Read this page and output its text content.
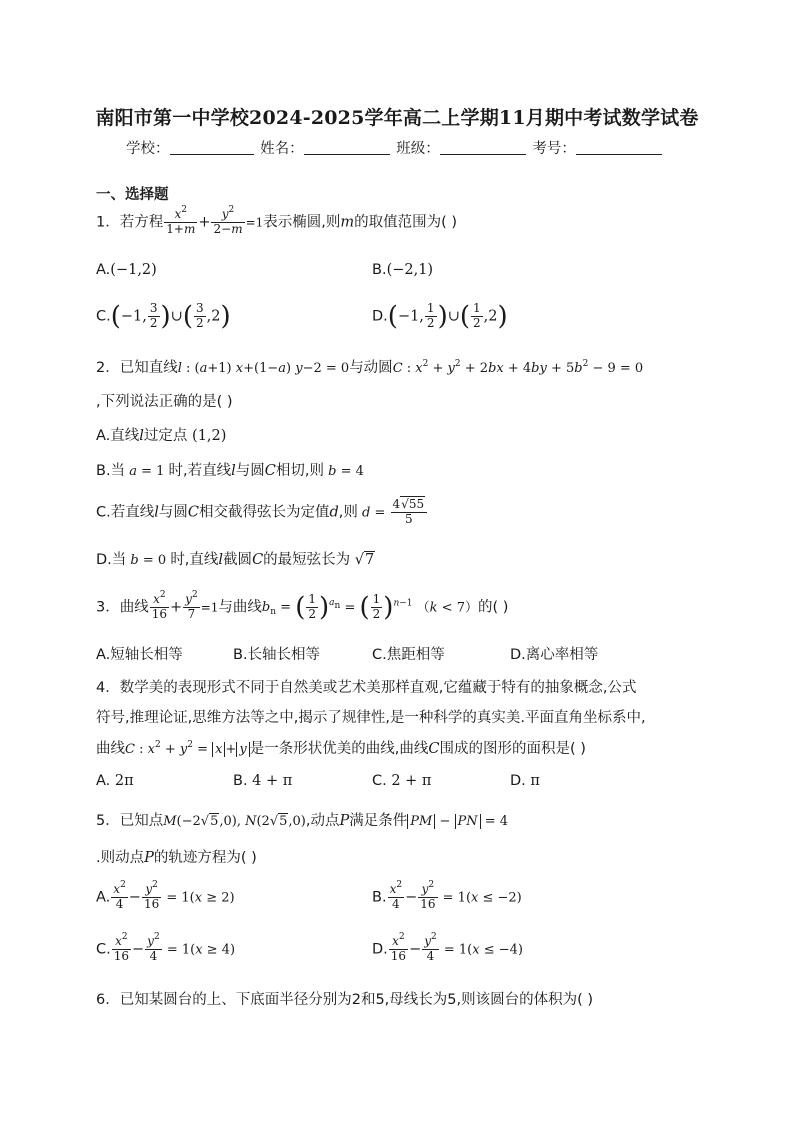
南阳市第一中学校2024-2025学年高二上学期11月期中考试数学试卷
学校：	姓名：	班级：	考号：
一、选择题
1．若方程 $\frac{x^2}{1+m} + \frac{y^2}{2-m} =1$表示椭圆,则m的取值范围为( )
A.(−1,2)	B.(−2,1)
C.(−1, $\frac{3}{2}$ )∪( $\frac{3}{2} ,2$)	D.(−1, $\frac{1}{2}$ )∪( $\frac{1}{2} ,2$)
2．已知直线l : (a+1) x+(1−a) y−2 = 0与动圆C : $x^2 + y^2 + 2bx + 4by + 5b^2 - 9 = 0$
,下列说法正确的是( )
A.直线l过定点 (1,2)
B.当 a = 1 时,若直线l与圆C相切,则 b = 4
C.若直线l与圆C相交截得弦长为定值d,则 $d = \frac{4√55}{5}$
D.当 b = 0 时,直线l截圆C的最短弦长为 √7
3．曲线 $\frac{x^2}{16} + \frac{y^2}{7} =1$与曲线$b_n$ = ( $\frac{1}{2} )^{a_n}$ = ( $\frac{1}{2} )^{n-1}$ （k < 7）的( )
A.短轴长相等	B.长轴长相等	C.焦距相等	D.离心率相等
4．数学美的表现形式不同于自然美或艺术美那样直观,它蕴藏于特有的抽象概念,公式
符号,推理论证,思维方法等之中,揭示了规律性,是一种科学的真实美.平面直角坐标系中,
曲线C : $x^2 + y^2 = x + y$ 是一条形状优美的曲线,曲线C围成的图形的面积是( )
A. 2π	B. 4 + π	C. 2 + π	D. π
5．已知点M(−2√5,0), N(2√5,0),动点P满足条件 PM − PN = 4
.则动点P的轨迹方程为( )
A. $\frac{x^2}{4} - \frac{y^2}{16} = 1(x \ge 2)$	B. $\frac{x^2}{4} - \frac{y^2}{16} = 1(x \le -2)$
C. $\frac{x^2}{16} - \frac{y^2}{4} = 1(x \ge 4)$	D. $\frac{x^2}{16} - \frac{y^2}{4} = 1(x \le -4)$
6．已知某圆台的上、下底面半径分别为2和5,母线长为5,则该圆台的体积为( )
